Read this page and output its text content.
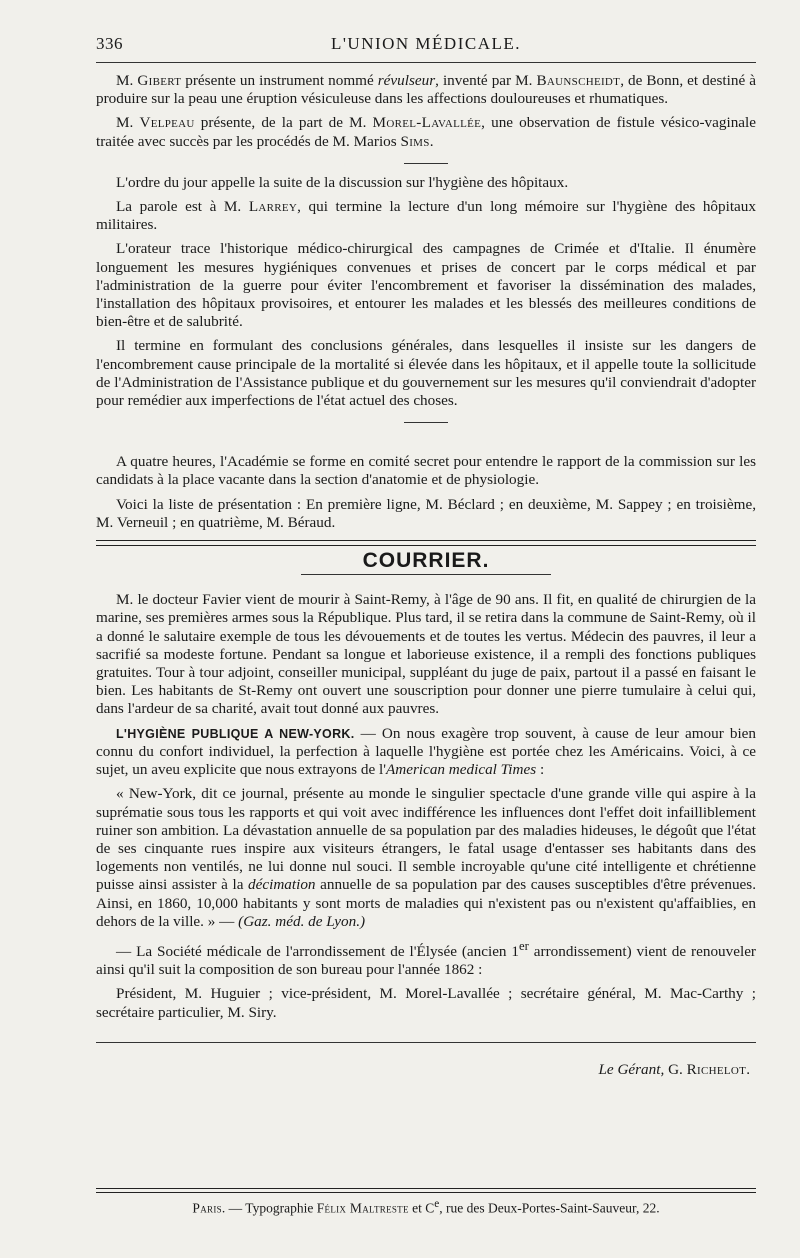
336	L'UNION MÉDICALE.

M. Gibert présente un instrument nommé révulseur, inventé par M. Baunscheidt, de Bonn, et destiné à produire sur la peau une éruption vésiculeuse dans les affections douloureuses et rhumatiques.

M. Velpeau présente, de la part de M. Morel-Lavallée, une observation de fistule vésico-vaginale traitée avec succès par les procédés de M. Marios Sims.

L'ordre du jour appelle la suite de la discussion sur l'hygiène des hôpitaux.

La parole est à M. Larrey, qui termine la lecture d'un long mémoire sur l'hygiène des hôpitaux militaires.

L'orateur trace l'historique médico-chirurgical des campagnes de Crimée et d'Italie. Il énumère longuement les mesures hygiéniques convenues et prises de concert par le corps médical et par l'administration de la guerre pour éviter l'encombrement et favoriser la dissémination des malades, l'installation des hôpitaux provisoires, et entourer les malades et les blessés des meilleures conditions de bien-être et de salubrité.

Il termine en formulant des conclusions générales, dans lesquelles il insiste sur les dangers de l'encombrement cause principale de la mortalité si élevée dans les hôpitaux, et il appelle toute la sollicitude de l'Administration de l'Assistance publique et du gouvernement sur les mesures qu'il conviendrait d'adopter pour remédier aux imperfections de l'état actuel des choses.

A quatre heures, l'Académie se forme en comité secret pour entendre le rapport de la commission sur les candidats à la place vacante dans la section d'anatomie et de physiologie.

Voici la liste de présentation : En première ligne, M. Béclard ; en deuxième, M. Sappey ; en troisième, M. Verneuil ; en quatrième, M. Béraud.

COURRIER.

M. le docteur Favier vient de mourir à Saint-Remy, à l'âge de 90 ans. Il fit, en qualité de chirurgien de la marine, ses premières armes sous la République. Plus tard, il se retira dans la commune de Saint-Remy, où il a donné le salutaire exemple de tous les dévouements et de toutes les vertus. Médecin des pauvres, il leur a sacrifié sa modeste fortune. Pendant sa longue et laborieuse existence, il a rempli des fonctions publiques gratuites. Tour à tour adjoint, conseiller municipal, suppléant du juge de paix, partout il a passé en faisant le bien. Les habitants de St-Remy ont ouvert une souscription pour donner une pierre tumulaire à celui qui, dans l'ardeur de sa charité, avait tout donné aux pauvres.

L'HYGIÈNE PUBLIQUE A NEW-YORK. — On nous exagère trop souvent, à cause de leur amour bien connu du confort individuel, la perfection à laquelle l'hygiène est portée chez les Américains. Voici, à ce sujet, un aveu explicite que nous extrayons de l'American medical Times :

« New-York, dit ce journal, présente au monde le singulier spectacle d'une grande ville qui aspire à la suprématie sous tous les rapports et qui voit avec indifférence les influences dont l'effet doit infailliblement ruiner son ambition. La dévastation annuelle de sa population par des maladies hideuses, le dégoût que l'état de ses cinquante rues inspire aux visiteurs étrangers, le fatal usage d'entasser ses habitants dans des logements non ventilés, ne lui donne nul souci. Il semble incroyable qu'une cité intelligente et chrétienne puisse ainsi assister à la décimation annuelle de sa population par des causes susceptibles d'être prévenues. Ainsi, en 1860, 10,000 habitants y sont morts de maladies qui n'existent pas ou n'existent qu'affaiblies, en dehors de la ville. » — (Gaz. méd. de Lyon.)

— La Société médicale de l'arrondissement de l'Élysée (ancien 1er arrondissement) vient de renouveler ainsi qu'il suit la composition de son bureau pour l'année 1862 :

Président, M. Huguier ; vice-président, M. Morel-Lavallée ; secrétaire général, M. Mac-Carthy ; secrétaire particulier, M. Siry.

Le Gérant, G. Richelot.
Paris. — Typographie Félix Maltreste et Ce, rue des Deux-Portes-Saint-Sauveur, 22.
